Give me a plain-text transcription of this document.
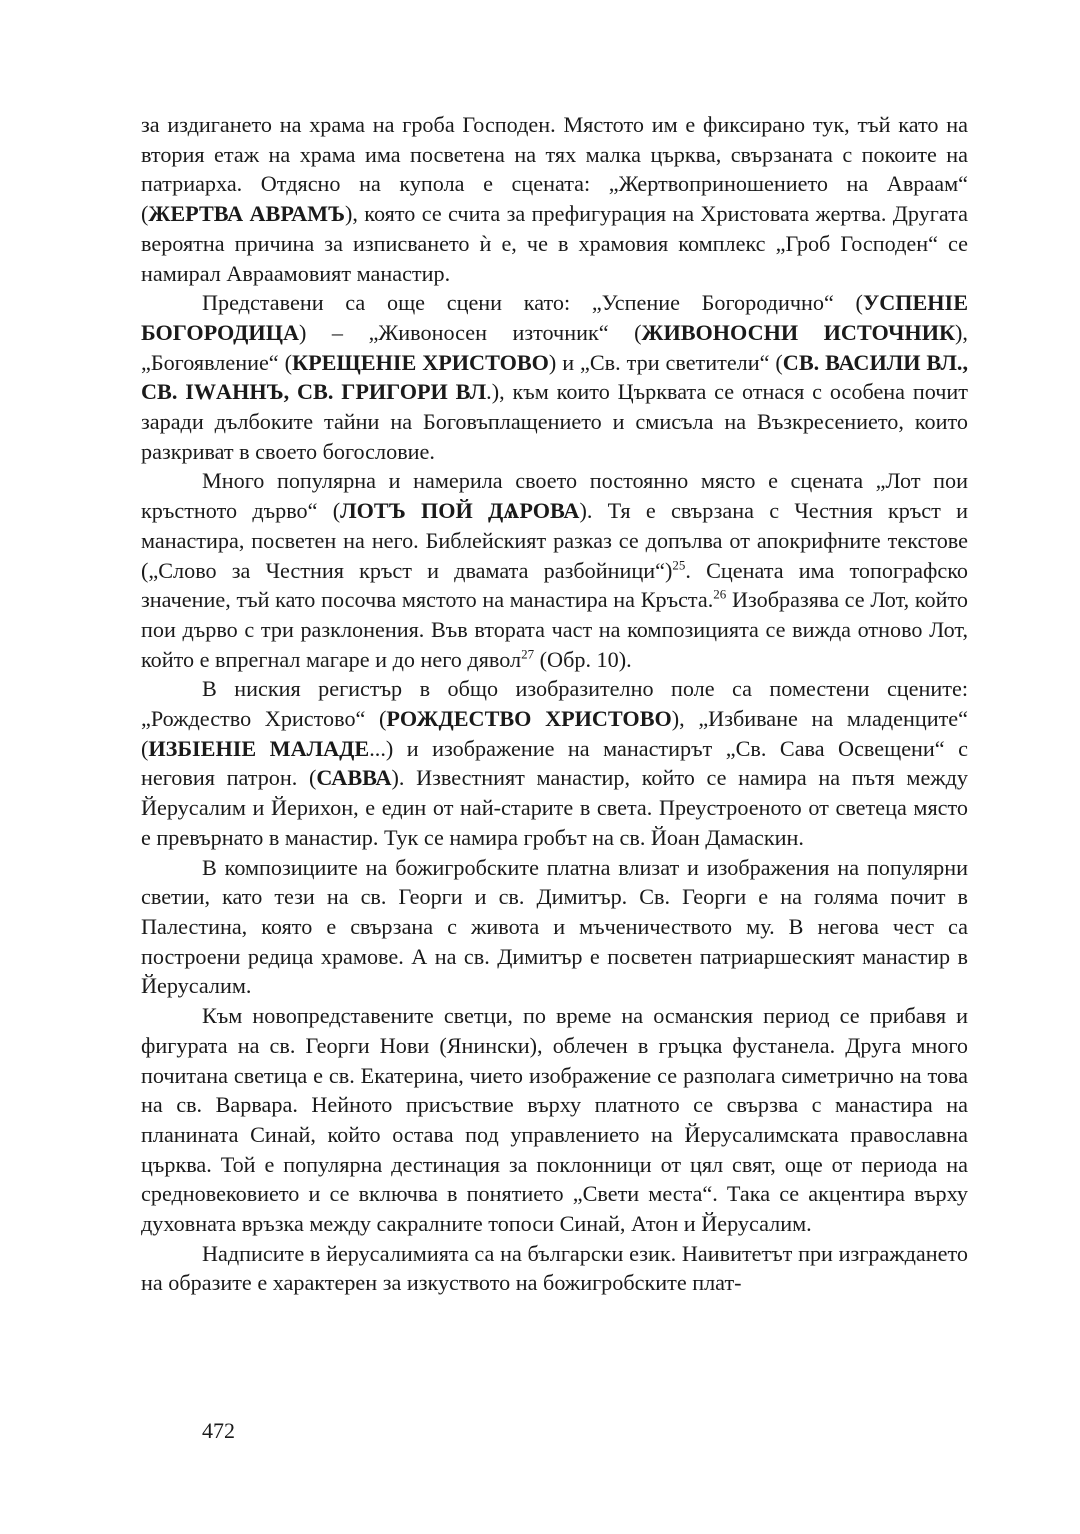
за издигането на храма на гроба Господен. Мястото им е фиксирано тук, тъй като на втория етаж на храма има посветена на тях малка църква, свързаната с покоите на патриарха. Отдясно на купола е сцената: „Жертвоприношението на Авраам“ (ЖЕРТВА АВРАМЪ), която се счита за префигурация на Христовата жертва. Другата вероятна причина за изписването ѝ е, че в храмовия комплекс „Гроб Господен“ се намирал Авраамовият манастир.

Представени са още сцени като: „Успение Богородично“ (УСПЕНІЕ БОГОРОДИЦА) – „Живоносен източник“ (ЖИВОНОСНИ ИСТОЧНИК), „Богоявление“ (КРЕЩЕНІЕ ХРИСТОВО) и „Св. три светители“ (СВ. ВАСИЛИ ВЛ., СВ. IWАННЪ, СВ. ГРИГОРИ ВЛ.), към които Църквата се отнася с особена почит заради дълбоките тайни на Боговъплащението и смисъла на Възкресението, които разкриват в своето богословие.

Много популярна и намерила своето постоянно място е сцената „Лот пои кръстното дърво“ (ЛОТЪ ПОЙ ДѦРОВА). Тя е свързана с Честния кръст и манастира, посветен на него. Библейският разказ се допълва от апокрифните текстове („Слово за Честния кръст и двамата разбойници“)$^{25}$. Сцената има топографско значение, тъй като посочва мястото на манастира на Кръста.$^{26}$ Изобразява се Лот, който пои дърво с три разклонения. Във втората част на композицията се вижда отново Лот, който е впрегнал магаре и до него дявол$^{27}$ (Обр. 10).

В ниския регистър в общо изобразително поле са поместени сцените: „Рождество Христово“ (РОЖДЕСТВО ХРИСТОВО), „Избиване на младенците“ (ИЗБІЕНІЕ МАЛАДЕ...) и изображение на манастирът „Св. Сава Освещени“ с неговия патрон. (САВВА). Известният манастир, който се намира на пътя между Йерусалим и Йерихон, е един от най-старите в света. Преустроеното от светеца място е превърнато в манастир. Тук се намира гробът на св. Йоан Дамаскин.

В композициите на божигробските платна влизат и изображения на популярни светии, като тези на св. Георги и св. Димитър. Св. Георги е на голяма почит в Палестина, която е свързана с живота и мъченичеството му. В негова чест са построени редица храмове. А на св. Димитър е посветен патриаршеският манастир в Йерусалим.

Към новопредставените светци, по време на османския период се прибавя и фигурата на св. Георги Нови (Янински), облечен в гръцка фустанела. Друга много почитана светица е св. Екатерина, чието изображение се разполага симетрично на това на св. Варвара. Нейното присъствие върху платното се свързва с манастира на планината Синай, който остава под управлението на Йерусалимската православна църква. Той е популярна дестинация за поклонници от цял свят, още от периода на средновековието и се включва в понятието „Свети места“. Така се акцентира върху духовната връзка между сакралните топоси Синай, Атон и Йерусалим.

Надписите в йерусалимията са на български език. Наивитетът при изграждането на образите е характерен за изкуството на божигробските плат-

472
